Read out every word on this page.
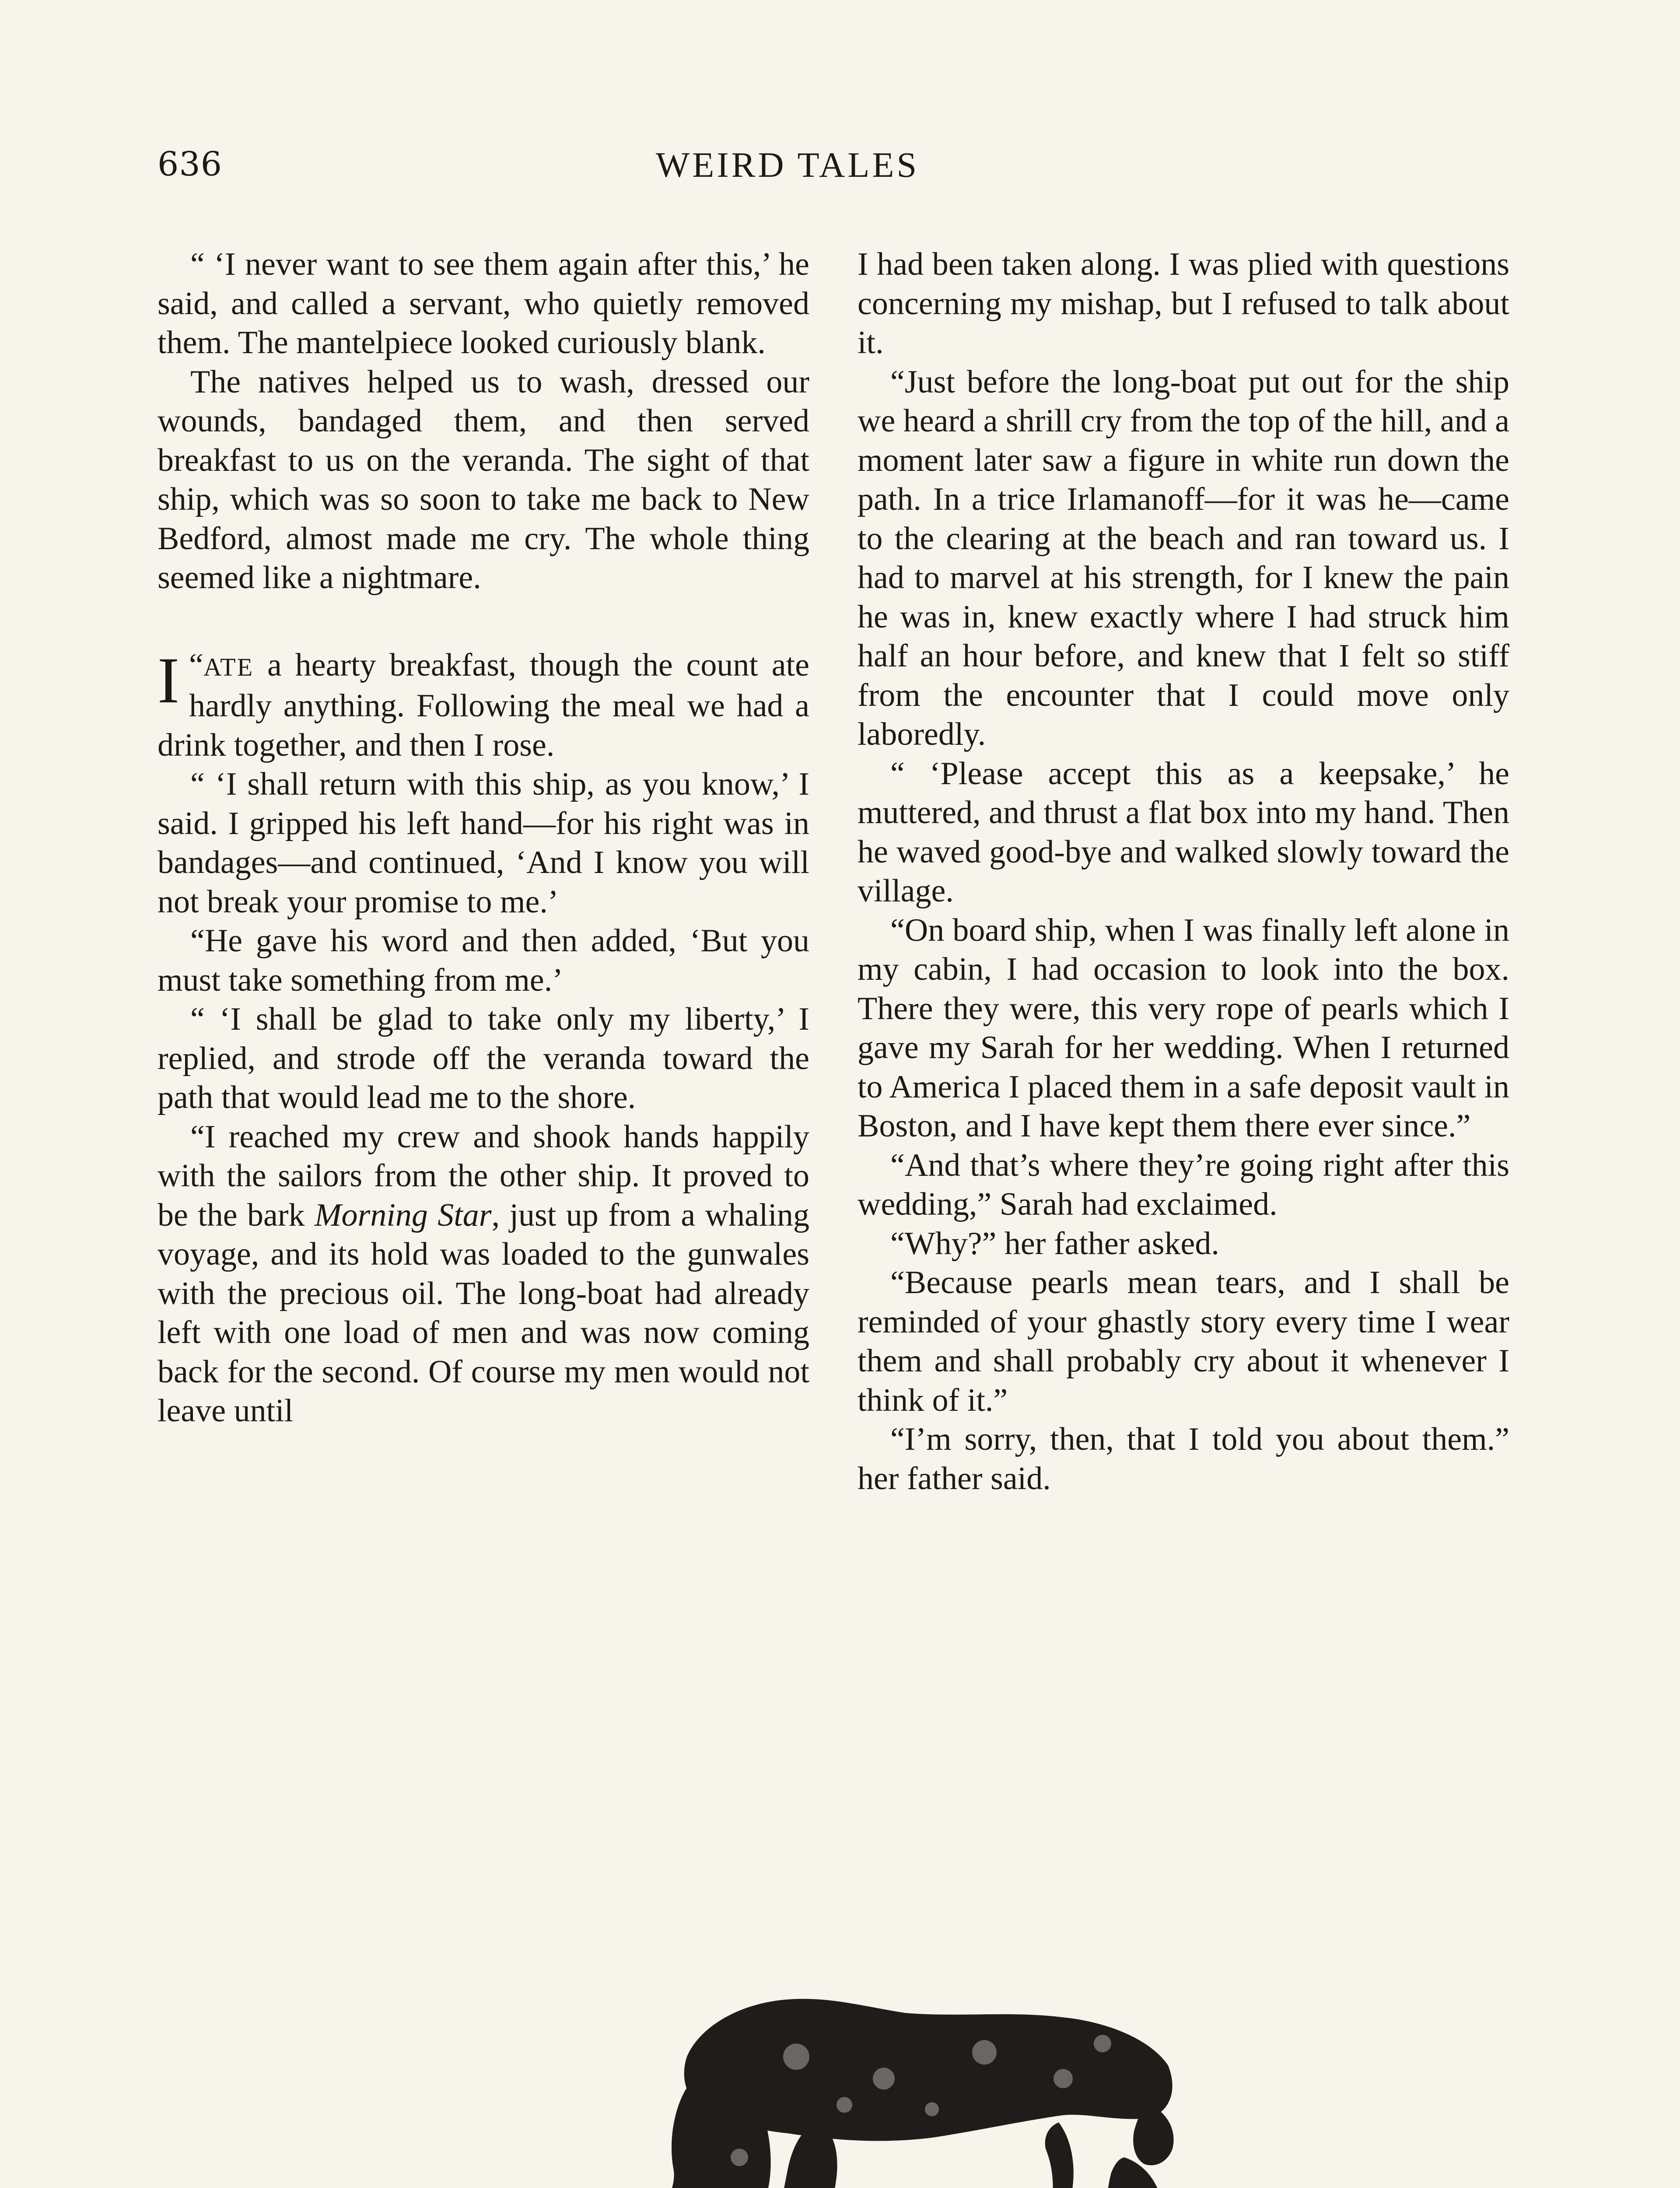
636	WEIRD TALES

“ ‘I never want to see them again after this,’ he said, and called a servant, who quietly removed them. The mantelpiece looked curiously blank.

The natives helped us to wash, dressed our wounds, bandaged them, and then served breakfast to us on the veranda. The sight of that ship, which was so soon to take me back to New Bedford, almost made me cry. The whole thing seemed like a nightmare.

“
I ATE a hearty breakfast, though the count ate hardly anything. Following the meal we had a drink together, and then I rose.

“ ‘I shall return with this ship, as you know,’ I said. I gripped his left hand—for his right was in bandages—and continued, ‘And I know you will not break your promise to me.’

“He gave his word and then added, ‘But you must take something from me.’

“ ‘I shall be glad to take only my liberty,’ I replied, and strode off the veranda toward the path that would lead me to the shore.

“I reached my crew and shook hands happily with the sailors from the other ship. It proved to be the bark Morning Star, just up from a whaling voyage, and its hold was loaded to the gunwales with the precious oil. The long-boat had already left with one load of men and was now coming back for the second. Of course my men would not leave until

I had been taken along. I was plied with questions concerning my mishap, but I refused to talk about it.

“Just before the long-boat put out for the ship we heard a shrill cry from the top of the hill, and a moment later saw a figure in white run down the path. In a trice Irlamanoff—for it was he—came to the clearing at the beach and ran toward us. I had to marvel at his strength, for I knew the pain he was in, knew exactly where I had struck him half an hour before, and knew that I felt so stiff from the encounter that I could move only laboredly.

“ ‘Please accept this as a keepsake,’ he muttered, and thrust a flat box into my hand. Then he waved good-bye and walked slowly toward the village.

“On board ship, when I was finally left alone in my cabin, I had occasion to look into the box. There they were, this very rope of pearls which I gave my Sarah for her wedding. When I returned to America I placed them in a safe deposit vault in Boston, and I have kept them there ever since.”

“And that’s where they’re going right after this wedding,” Sarah had exclaimed.

“Why?” her father asked.

“Because pearls mean tears, and I shall be reminded of your ghastly story every time I wear them and shall probably cry about it whenever I think of it.”

“I’m sorry, then, that I told you about them.” her father said.
